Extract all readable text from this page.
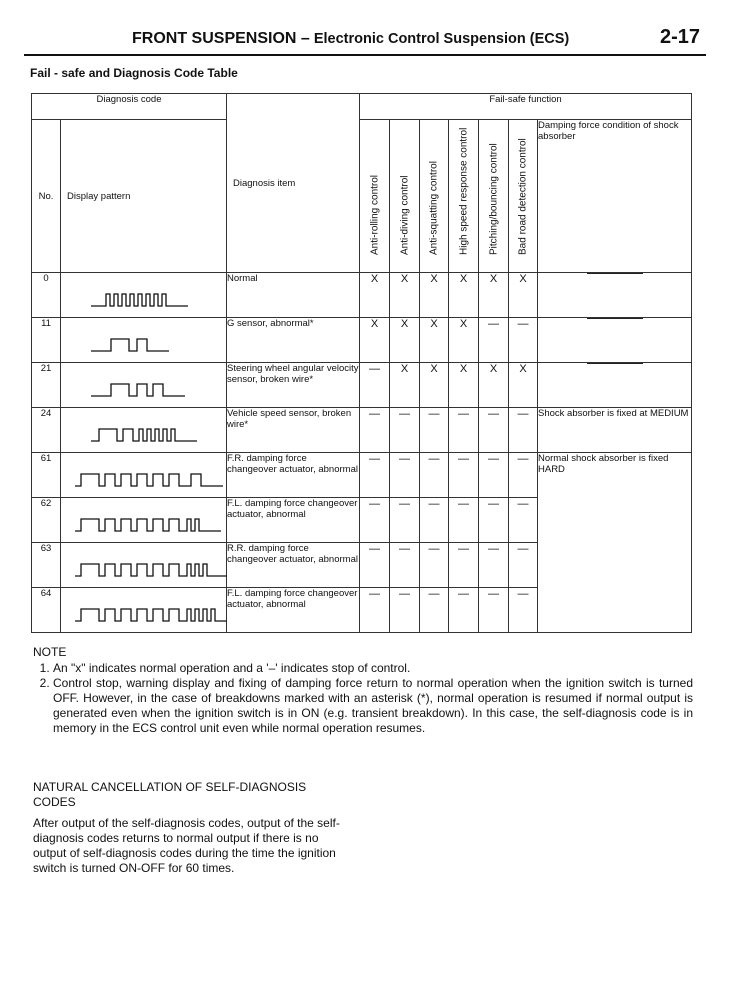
FRONT SUSPENSION – Electronic Control Suspension (ECS)	2-17
Fail - safe and Diagnosis Code Table
Diagnosis code		Diagnosis item	Fail-safe function						
No.	Display pattern		Anti-rolling control	Anti-diving control	Anti-squatting control	High speed response control	Pitching/bouncing control	Bad road detection control	Damping force condition of shock absorber
0		Normal	X	X	X	X	X	X	

11		G sensor, abnormal*	X	X	X	X	—	—	

21		Steering wheel angular velocity sensor, broken wire*	—	X	X	X	X	X	

24		Vehicle speed sensor, broken wire*	—	—	—	—	—	—	Shock absorber is fixed at MEDIUM
61		F.R. damping force changeover actuator, abnormal	—	—	—	—	—	—	Normal shock absorber is fixed HARD
62		F.L. damping force changeover actuator, abnormal	—	—	—	—	—	—	
63		R.R. damping force changeover actuator, abnormal	—	—	—	—	—	—	
64		F.L. damping force changeover actuator, abnormal	—	—	—	—	—	—	
NOTE
1. An "x" indicates normal operation and a '–' indicates stop of control.
2. Control stop, warning display and fixing of damping force return to normal operation when the ignition switch is turned OFF. However, in the case of breakdowns marked with an asterisk (*), normal operation is resumed if normal output is generated even when the ignition switch is in ON (e.g. transient breakdown). In this case, the self-diagnosis code is in memory in the ECS control unit even while normal operation resumes.
NATURAL CANCELLATION OF SELF-DIAGNOSIS CODES
After output of the self-diagnosis codes, output of the self-diagnosis codes returns to normal output if there is no output of self-diagnosis codes during the time the ignition switch is turned ON-OFF for 60 times.
